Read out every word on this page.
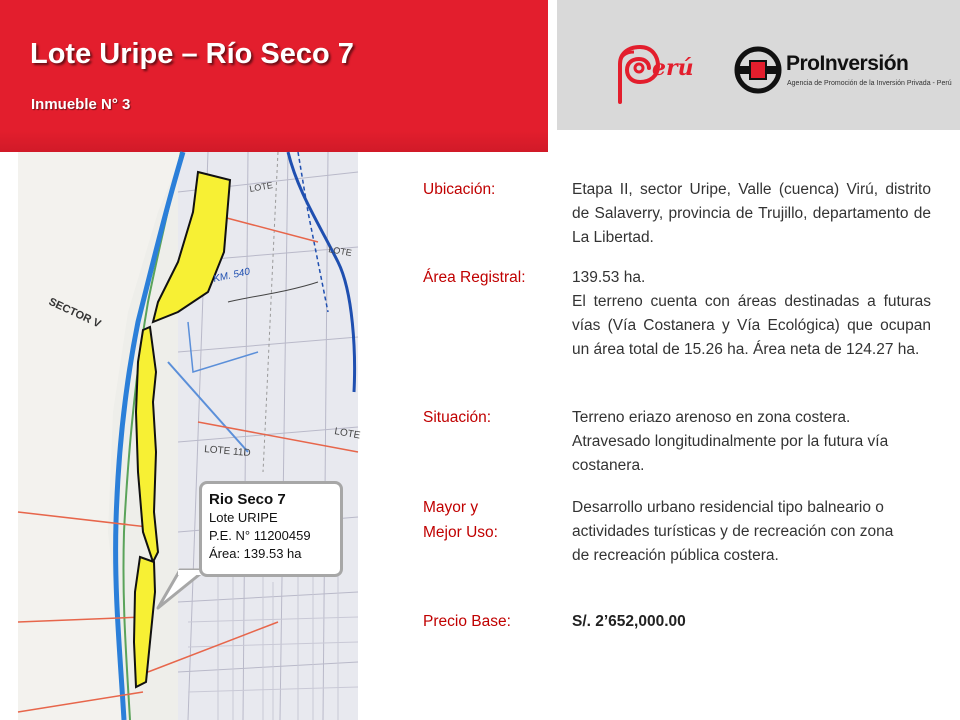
Lote Uripe – Río Seco 7
Inmueble N° 3
erú	ProInversión
Agencia de Promoción de la Inversión Privada - Perú
SECTOR V
KM. 540
LOTE
LOTE 11D
LOTE
LOTE
Rio Seco 7
Lote URIPE
P.E. N° 11200459
Área: 139.53 ha
Ubicación:	Etapa II, sector Uripe, Valle (cuenca) Virú, distrito de Salaverry, provincia de Trujillo, departamento de La Libertad.
Área Registral:	139.53 ha.
El terreno cuenta con áreas destinadas a futuras vías (Vía Costanera y Vía Ecológica) que ocupan un área total de 15.26 ha. Área neta de 124.27 ha.
Situación:	Terreno eriazo arenoso en zona costera. Atravesado longitudinalmente por la futura vía costanera.
Mayor y
Mejor Uso:
Desarrollo urbano residencial tipo balneario o actividades turísticas y de recreación con zona de recreación pública costera.
Precio Base:	S/. 2’652,000.00
